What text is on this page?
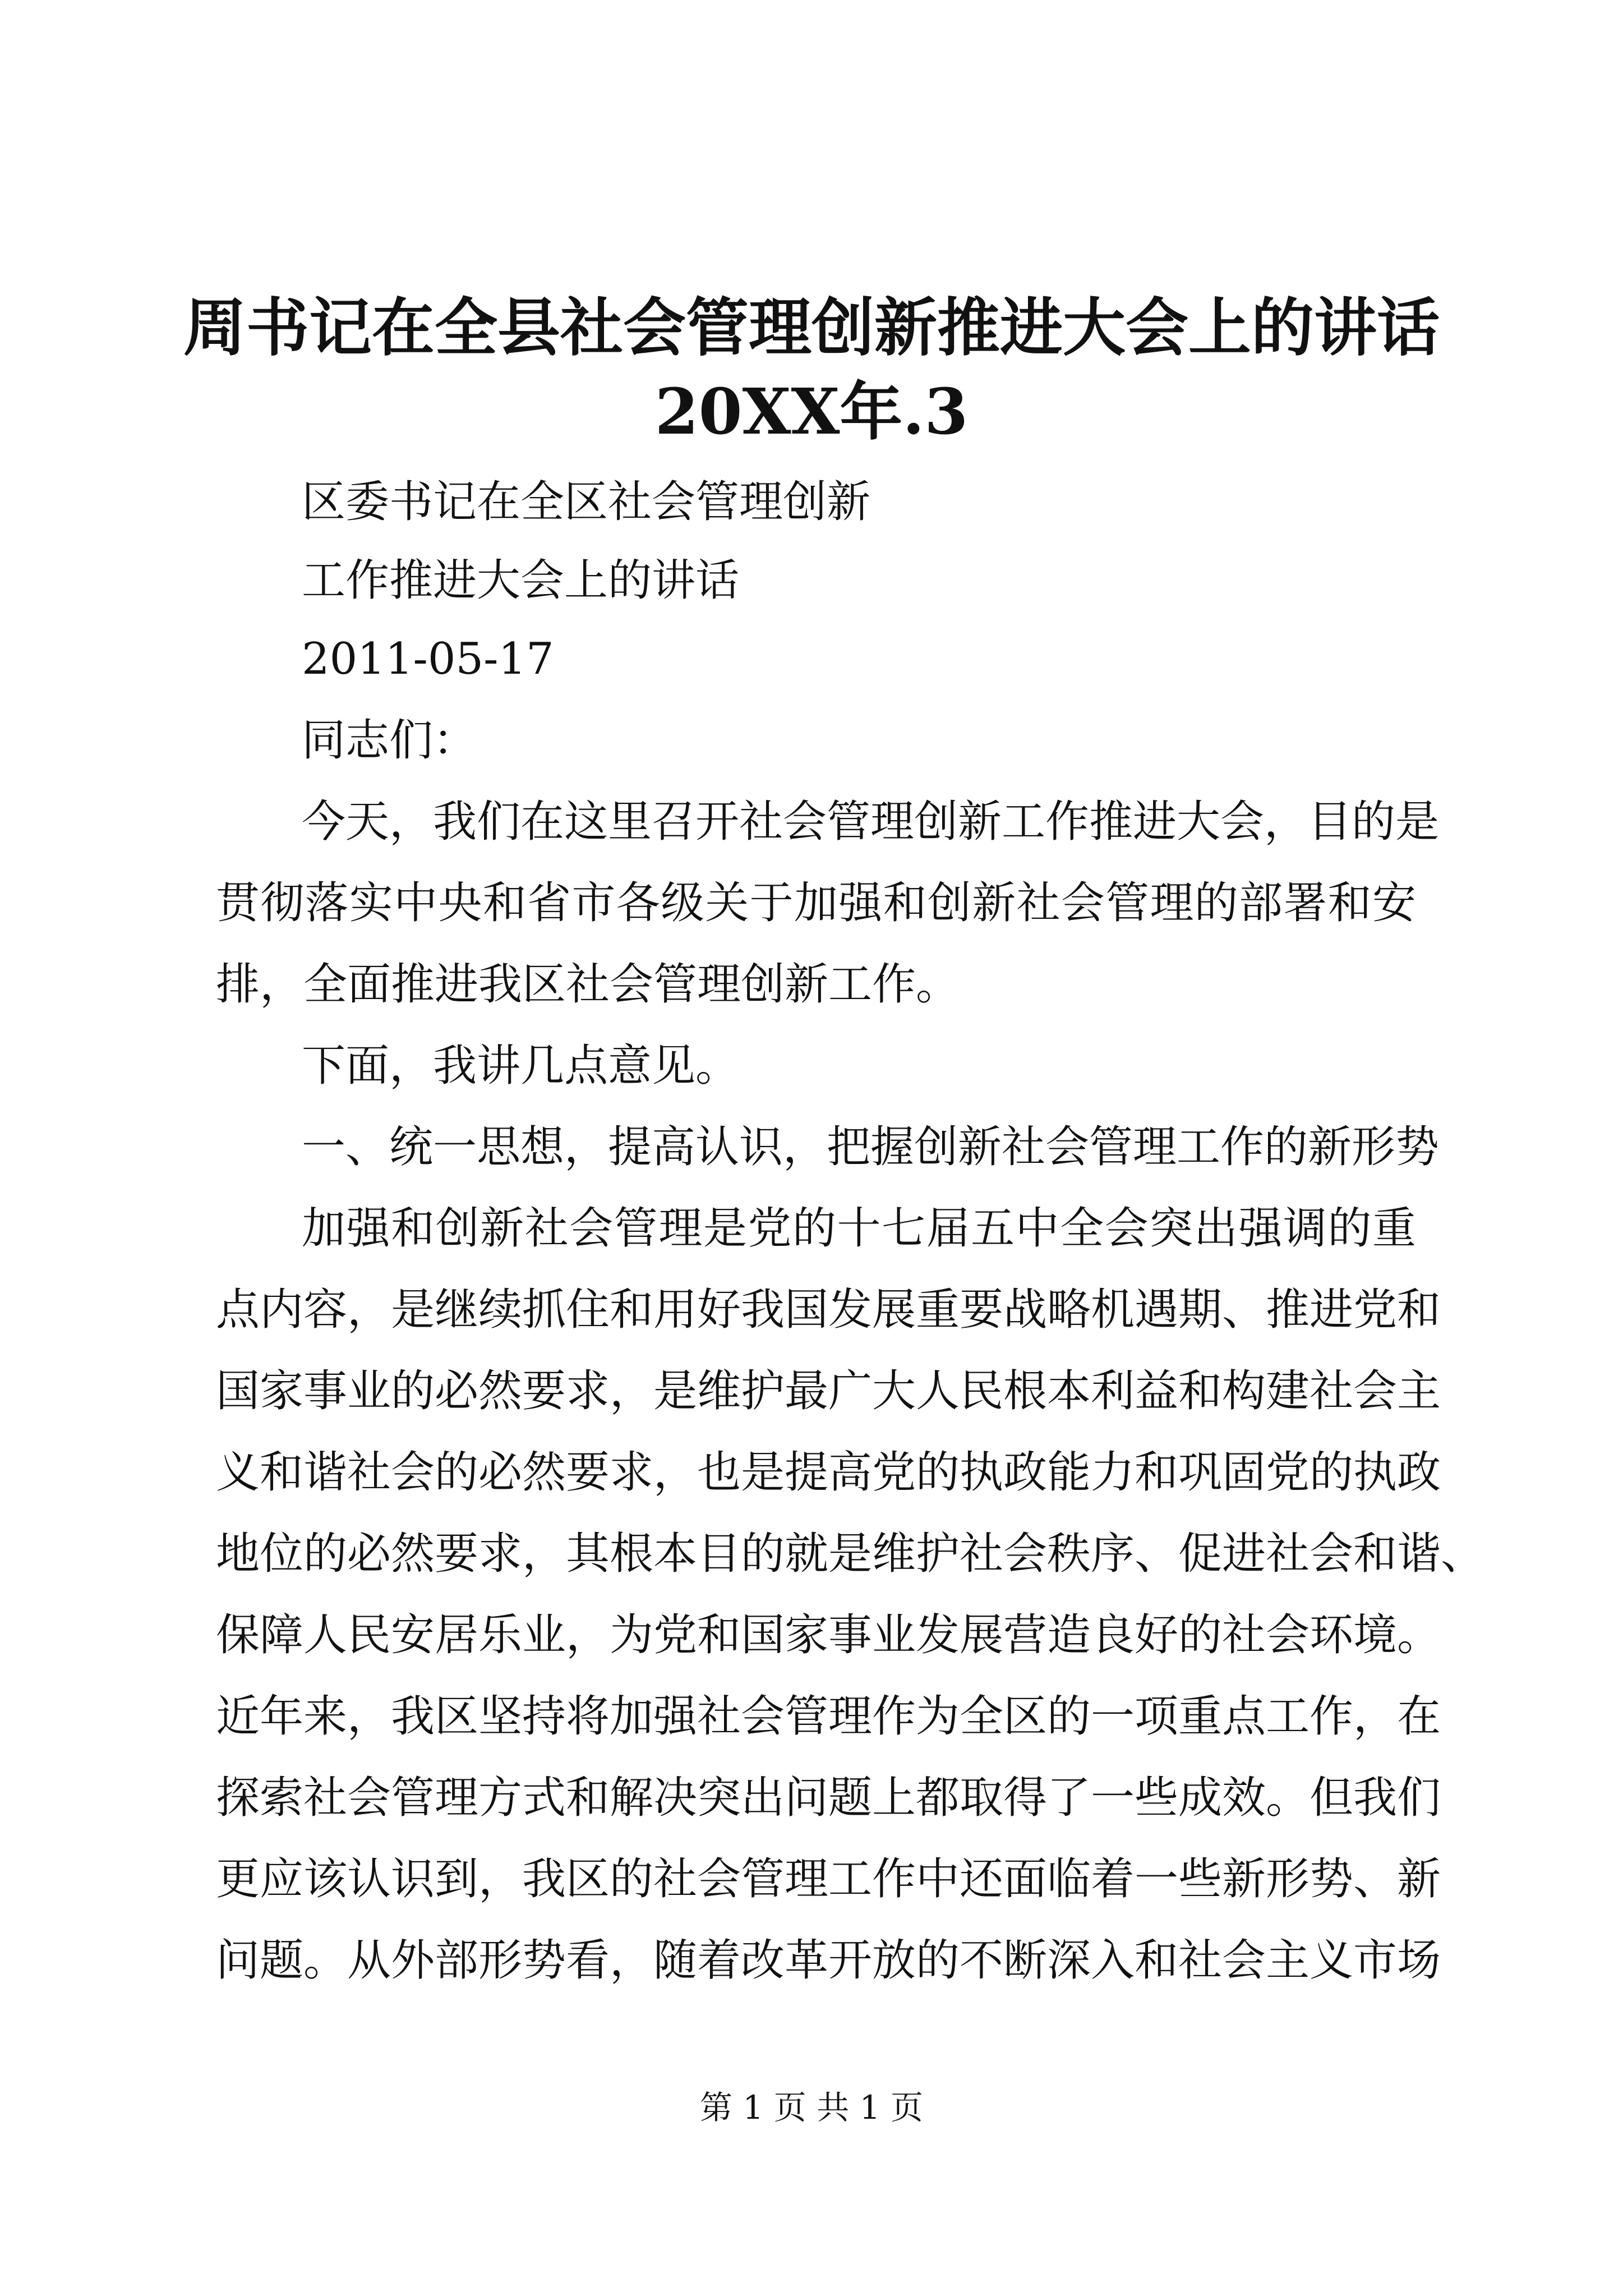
周书记在全县社会管理创新推进大会上的讲话
20XX年.3
区委书记在全区社会管理创新
工作推进大会上的讲话
2011-05-17
同志们：
今天，我们在这里召开社会管理创新工作推进大会，目的是
贯彻落实中央和省市各级关于加强和创新社会管理的部署和安
排，全面推进我区社会管理创新工作。
下面，我讲几点意见。
一、统一思想，提高认识，把握创新社会管理工作的新形势
加强和创新社会管理是党的十七届五中全会突出强调的重
点内容，是继续抓住和用好我国发展重要战略机遇期、推进党和
国家事业的必然要求，是维护最广大人民根本利益和构建社会主
义和谐社会的必然要求，也是提高党的执政能力和巩固党的执政
地位的必然要求，其根本目的就是维护社会秩序、促进社会和谐、
保障人民安居乐业，为党和国家事业发展营造良好的社会环境。
近年来，我区坚持将加强社会管理作为全区的一项重点工作，在
探索社会管理方式和解决突出问题上都取得了一些成效。但我们
更应该认识到，我区的社会管理工作中还面临着一些新形势、新
问题。从外部形势看，随着改革开放的不断深入和社会主义市场
第 1 页 共 1 页
